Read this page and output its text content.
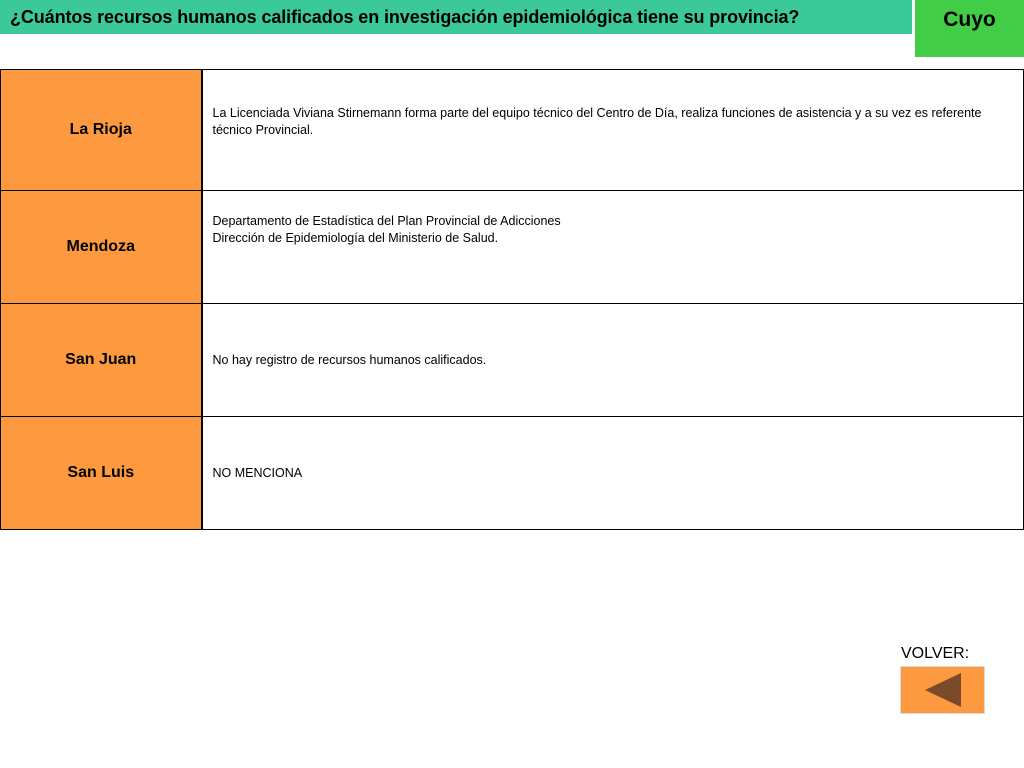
¿Cuántos recursos humanos calificados en investigación epidemiológica tiene su provincia?	Cuyo
La Rioja	La Licenciada Viviana Stirnemann forma parte del equipo técnico del Centro de Día, realiza funciones de asistencia y a su vez es referente técnico Provincial.

Mendoza	Departamento de Estadística del Plan Provincial de Adicciones
Dirección de Epidemiología del Ministerio de Salud.

San Juan	No hay registro de recursos humanos calificados.

San Luis	NO MENCIONA
VOLVER:
